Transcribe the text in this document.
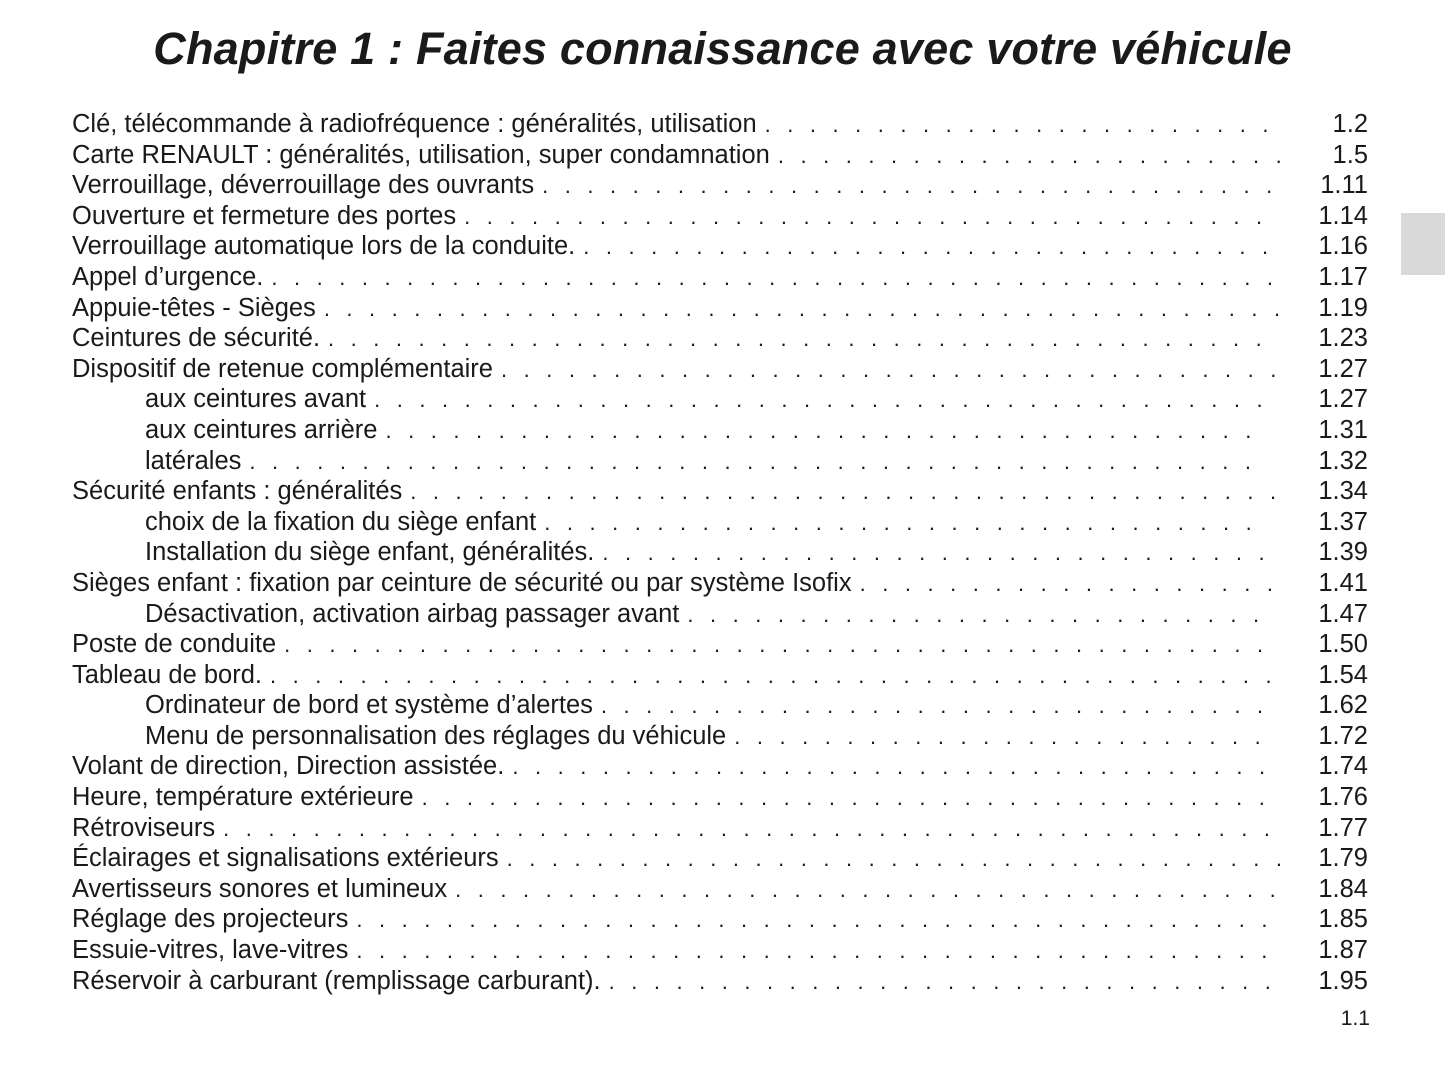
Chapitre 1 : Faites connaissance avec votre véhicule
Clé, télécommande à radiofréquence : généralités, utilisation . . .	1.2
Carte RENAULT : généralités, utilisation, super condamnation . . .	1.5
Verrouillage, déverrouillage des ouvrants . . .	1.11
Ouverture et fermeture des portes . . .	1.14
Verrouillage automatique lors de la conduite. . . .	1.16
Appel d’urgence. . . .	1.17
Appuie-têtes - Sièges . . .	1.19
Ceintures de sécurité. . . .	1.23
Dispositif de retenue complémentaire . . .	1.27
aux ceintures avant . . .	1.27
aux ceintures arrière . . .	1.31
latérales . . .	1.32
Sécurité enfants : généralités . . .	1.34
choix de la fixation du siège enfant . . .	1.37
Installation du siège enfant, généralités. . . .	1.39
Sièges enfant : fixation par ceinture de sécurité ou par système Isofix . . .	1.41
Désactivation, activation airbag passager avant . . .	1.47
Poste de conduite . . .	1.50
Tableau de bord. . . .	1.54
Ordinateur de bord et système d’alertes . . .	1.62
Menu de personnalisation des réglages du véhicule . . .	1.72
Volant de direction, Direction assistée. . . .	1.74
Heure, température extérieure . . .	1.76
Rétroviseurs . . .	1.77
Éclairages et signalisations extérieurs . . .	1.79
Avertisseurs sonores et lumineux . . .	1.84
Réglage des projecteurs . . .	1.85
Essuie-vitres, lave-vitres . . .	1.87
Réservoir à carburant (remplissage carburant). . . .	1.95
1.1
